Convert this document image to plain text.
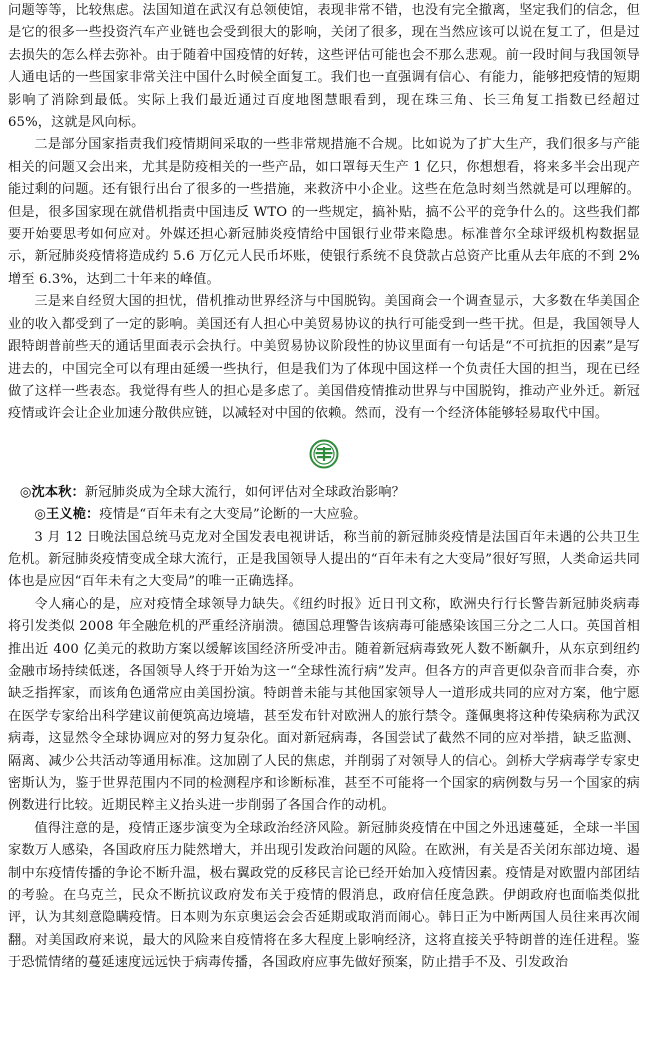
问题等等，比较焦虑。法国知道在武汉有总领使馆，表现非常不错，也没有完全撤离，坚定我们的信念，但是它的很多一些投资汽车产业链也会受到很大的影响，关闭了很多，现在当然应该可以说在复工了，但是过去损失的怎么样去弥补。由于随着中国疫情的好转，这些评估可能也会不那么悲观。前一段时间与我国领导人通电话的一些国家非常关注中国什么时候全面复工。我们也一直强调有信心、有能力，能够把疫情的短期影响了消除到最低。实际上我们最近通过百度地图慧眼看到，现在珠三角、长三角复工指数已经超过 65%，这就是风向标。

二是部分国家指责我们疫情期间采取的一些非常规措施不合规。比如说为了扩大生产，我们很多与产能相关的问题又会出来，尤其是防疫相关的一些产品，如口罩每天生产 1 亿只，你想想看，将来多半会出现产能过剩的问题。还有银行出台了很多的一些措施，来救济中小企业。这些在危急时刻当然就是可以理解的。但是，很多国家现在就借机指责中国违反 WTO 的一些规定，搞补贴，搞不公平的竞争什么的。这些我们都要开始要思考如何应对。外媒还担心新冠肺炎疫情给中国银行业带来隐患。标准普尔全球评级机构数据显示，新冠肺炎疫情将造成约 5.6 万亿元人民币坏账，使银行系统不良贷款占总资产比重从去年底的不到 2%增至 6.3%，达到二十年来的峰值。

三是来自经贸大国的担忧，借机推动世界经济与中国脱钩。美国商会一个调查显示，大多数在华美国企业的收入都受到了一定的影响。美国还有人担心中美贸易协议的执行可能受到一些干扰。但是，我国领导人跟特朗普前些天的通话里面表示会执行。中美贸易协议阶段性的协议里面有一句话是“不可抗拒的因素”是写进去的，中国完全可以有理由延缓一些执行，但是我们为了体现中国这样一个负责任大国的担当，现在已经做了这样一些表态。我觉得有些人的担心是多虑了。美国借疫情推动世界与中国脱钩，推动产业外迁。新冠疫情或许会让企业加速分散供应链，以减轻对中国的依赖。然而，没有一个经济体能够轻易取代中国。

◎沈本秋：新冠肺炎成为全球大流行，如何评估对全球政治影响？

◎王义桅：疫情是“百年未有之大变局”论断的一大应验。

3 月 12 日晚法国总统马克龙对全国发表电视讲话，称当前的新冠肺炎疫情是法国百年未遇的公共卫生危机。新冠肺炎疫情变成全球大流行，正是我国领导人提出的“百年未有之大变局”很好写照，人类命运共同体也是应因“百年未有之大变局”的唯一正确选择。

令人痛心的是，应对疫情全球领导力缺失。《纽约时报》近日刊文称，欧洲央行行长警告新冠肺炎病毒将引发类似 2008 年全融危机的严重经济崩溃。德国总理警告该病毒可能感染该国三分之二人口。英国首相推出近 400 亿美元的救助方案以缓解该国经济所受冲击。随着新冠病毒致死人数不断飙升，从东京到纽约金融市场持续低迷，各国领导人终于开始为这一“全球性流行病”发声。但各方的声音更似杂音而非合奏，亦缺乏指挥家，而该角色通常应由美国扮演。特朗普未能与其他国家领导人一道形成共同的应对方案，他宁愿在医学专家给出科学建议前便筑高边境墙，甚至发布针对欧洲人的旅行禁令。蓬佩奥将这种传染病称为武汉病毒，这显然令全球协调应对的努力复杂化。面对新冠病毒，各国尝试了截然不同的应对举措，缺乏监测、隔离、减少公共活动等通用标准。这加剧了人民的焦虑，并削弱了对领导人的信心。剑桥大学病毒学专家史密斯认为，鉴于世界范围内不同的检测程序和诊断标准，甚至不可能将一个国家的病例数与另一个国家的病例数进行比较。近期民粹主义抬头进一步削弱了各国合作的动机。

值得注意的是，疫情正逐步演变为全球政治经济风险。新冠肺炎疫情在中国之外迅速蔓延，全球一半国家数万人感染，各国政府压力陡然增大，并出现引发政治问题的风险。在欧洲，有关是否关闭东部边境、遏制中东疫情传播的争论不断升温，极右翼政党的反移民言论已经开始加入疫情因素。疫情是对欧盟内部团结的考验。在乌克兰，民众不断抗议政府发布关于疫情的假消息，政府信任度急跌。伊朗政府也面临类似批评，认为其刻意隐瞒疫情。日本则为东京奥运会会否延期或取消而闹心。韩日正为中断两国人员往来再次闹翻。对美国政府来说，最大的风险来自疫情将在多大程度上影响经济，这将直接关乎特朗普的连任进程。鉴于恐慌情绪的蔓延速度远远快于病毒传播，各国政府应事先做好预案，防止措手不及、引发政治
